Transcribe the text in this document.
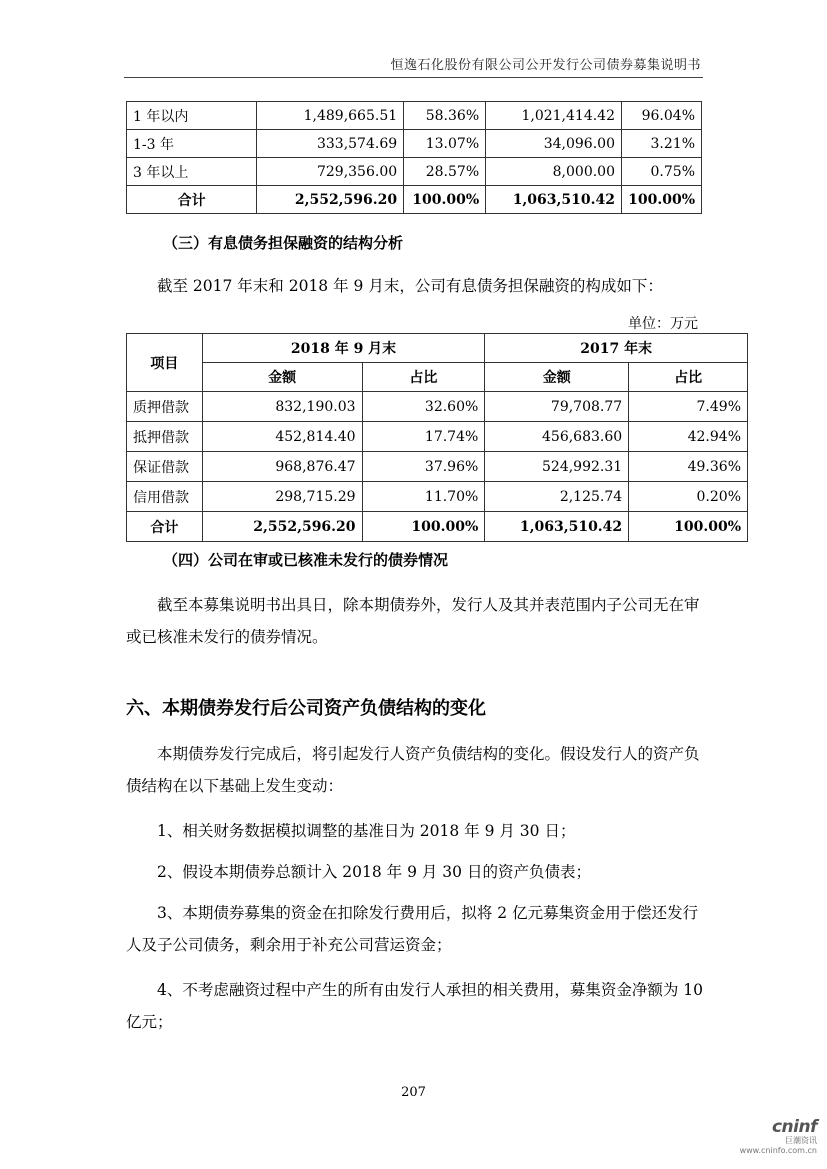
恒逸石化股份有限公司公开发行公司债券募集说明书
1 年以内	1,489,665.51	58.36%	1,021,414.42	96.04%
1-3 年	333,574.69	13.07%	34,096.00	3.21%
3 年以上	729,356.00	28.57%	8,000.00	0.75%
合计	2,552,596.20	100.00%	1,063,510.42	100.00%
（三）有息债务担保融资的结构分析
截至 2017 年末和 2018 年 9 月末，公司有息债务担保融资的构成如下：
单位：万元
项目	2018 年 9 月末		2017 年末	
	金额	占比	金额	占比
质押借款	832,190.03	32.60%	79,708.77	7.49%
抵押借款	452,814.40	17.74%	456,683.60	42.94%
保证借款	968,876.47	37.96%	524,992.31	49.36%
信用借款	298,715.29	11.70%	2,125.74	0.20%
合计	2,552,596.20	100.00%	1,063,510.42	100.00%
（四）公司在审或已核准未发行的债券情况
截至本募集说明书出具日，除本期债券外，发行人及其并表范围内子公司无在审或已核准未发行的债券情况。
六、本期债券发行后公司资产负债结构的变化
本期债券发行完成后，将引起发行人资产负债结构的变化。假设发行人的资产负债结构在以下基础上发生变动：
1、相关财务数据模拟调整的基准日为 2018 年 9 月 30 日；
2、假设本期债券总额计入 2018 年 9 月 30 日的资产负债表；
3、本期债券募集的资金在扣除发行费用后，拟将 2 亿元募集资金用于偿还发行人及子公司债务，剩余用于补充公司营运资金；
4、不考虑融资过程中产生的所有由发行人承担的相关费用，募集资金净额为 10 亿元；
207
cninf
巨潮资讯
www.cninfo.com.cn
